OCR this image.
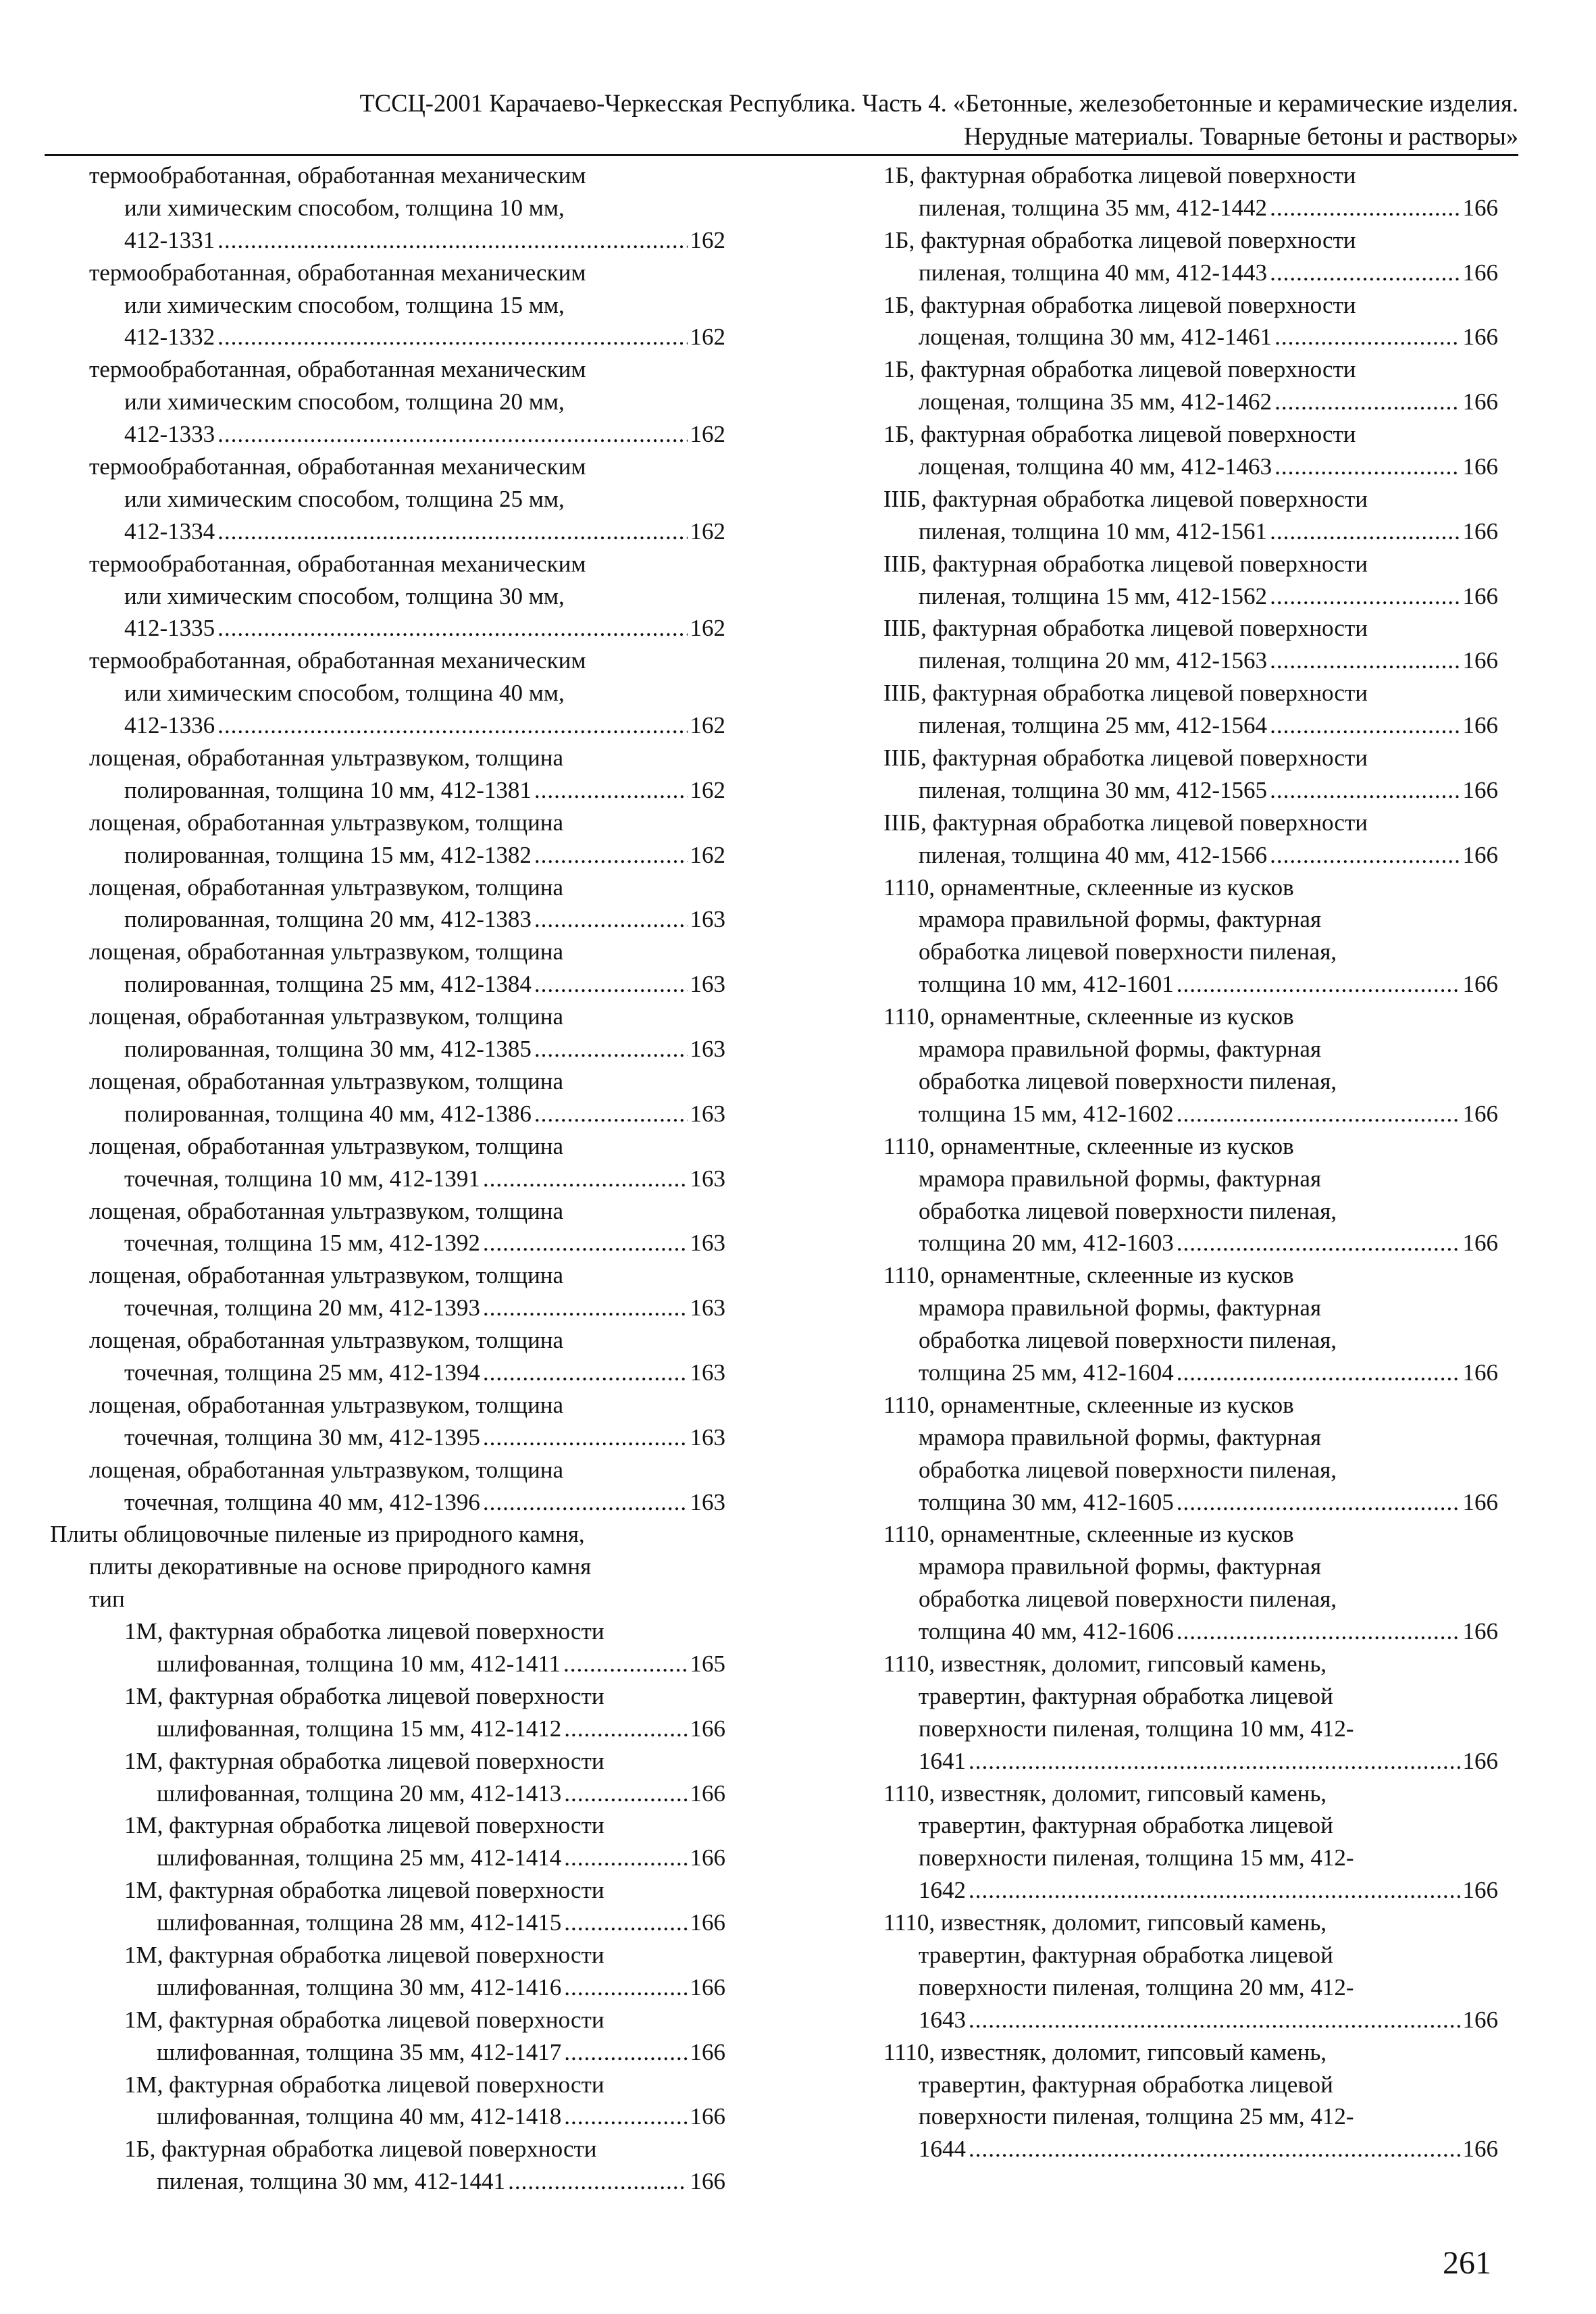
ТССЦ-2001 Карачаево-Черкесская Республика. Часть 4. «Бетонные, железобетонные и керамические изделия.
Нерудные материалы. Товарные бетоны и растворы»
термообработанная, обработанная механическим
или химическим способом, толщина 10 мм,
412-1331 .....	162
термообработанная, обработанная механическим
или химическим способом, толщина 15 мм,
412-1332 .....	162
термообработанная, обработанная механическим
или химическим способом, толщина 20 мм,
412-1333 .....	162
термообработанная, обработанная механическим
или химическим способом, толщина 25 мм,
412-1334 .....	162
термообработанная, обработанная механическим
или химическим способом, толщина 30 мм,
412-1335 .....	162
термообработанная, обработанная механическим
или химическим способом, толщина 40 мм,
412-1336 .....	162
лощеная, обработанная ультразвуком, толщина
полированная, толщина 10 мм, 412-1381 .....	162
лощеная, обработанная ультразвуком, толщина
полированная, толщина 15 мм, 412-1382 .....	162
лощеная, обработанная ультразвуком, толщина
полированная, толщина 20 мм, 412-1383 .....	163
лощеная, обработанная ультразвуком, толщина
полированная, толщина 25 мм, 412-1384 .....	163
лощеная, обработанная ультразвуком, толщина
полированная, толщина 30 мм, 412-1385 .....	163
лощеная, обработанная ультразвуком, толщина
полированная, толщина 40 мм, 412-1386 .....	163
лощеная, обработанная ультразвуком, толщина
точечная, толщина 10 мм, 412-1391 .....	163
лощеная, обработанная ультразвуком, толщина
точечная, толщина 15 мм, 412-1392 .....	163
лощеная, обработанная ультразвуком, толщина
точечная, толщина 20 мм, 412-1393 .....	163
лощеная, обработанная ультразвуком, толщина
точечная, толщина 25 мм, 412-1394 .....	163
лощеная, обработанная ультразвуком, толщина
точечная, толщина 30 мм, 412-1395 .....	163
лощеная, обработанная ультразвуком, толщина
точечная, толщина 40 мм, 412-1396 .....	163
Плиты облицовочные пиленые из природного камня,
плиты декоративные на основе природного камня
тип
1М, фактурная обработка лицевой поверхности
шлифованная, толщина 10 мм, 412-1411 .....	165
1М, фактурная обработка лицевой поверхности
шлифованная, толщина 15 мм, 412-1412 .....	166
1М, фактурная обработка лицевой поверхности
шлифованная, толщина 20 мм, 412-1413 .....	166
1М, фактурная обработка лицевой поверхности
шлифованная, толщина 25 мм, 412-1414 .....	166
1М, фактурная обработка лицевой поверхности
шлифованная, толщина 28 мм, 412-1415 .....	166
1М, фактурная обработка лицевой поверхности
шлифованная, толщина 30 мм, 412-1416 .....	166
1М, фактурная обработка лицевой поверхности
шлифованная, толщина 35 мм, 412-1417 .....	166
1М, фактурная обработка лицевой поверхности
шлифованная, толщина 40 мм, 412-1418 .....	166
1Б, фактурная обработка лицевой поверхности
пиленая, толщина 30 мм, 412-1441 .....	166
1Б, фактурная обработка лицевой поверхности
пиленая, толщина 35 мм, 412-1442 .....	166
1Б, фактурная обработка лицевой поверхности
пиленая, толщина 40 мм, 412-1443 .....	166
1Б, фактурная обработка лицевой поверхности
лощеная, толщина 30 мм, 412-1461 .....	166
1Б, фактурная обработка лицевой поверхности
лощеная, толщина 35 мм, 412-1462 .....	166
1Б, фактурная обработка лицевой поверхности
лощеная, толщина 40 мм, 412-1463 .....	166
IIIБ, фактурная обработка лицевой поверхности
пиленая, толщина 10 мм, 412-1561 .....	166
IIIБ, фактурная обработка лицевой поверхности
пиленая, толщина 15 мм, 412-1562 .....	166
IIIБ, фактурная обработка лицевой поверхности
пиленая, толщина 20 мм, 412-1563 .....	166
IIIБ, фактурная обработка лицевой поверхности
пиленая, толщина 25 мм, 412-1564 .....	166
IIIБ, фактурная обработка лицевой поверхности
пиленая, толщина 30 мм, 412-1565 .....	166
IIIБ, фактурная обработка лицевой поверхности
пиленая, толщина 40 мм, 412-1566 .....	166
1110, орнаментные, склеенные из кусков
мрамора правильной формы, фактурная
обработка лицевой поверхности пиленая,
толщина 10 мм, 412-1601 .....	166
1110, орнаментные, склеенные из кусков
мрамора правильной формы, фактурная
обработка лицевой поверхности пиленая,
толщина 15 мм, 412-1602 .....	166
1110, орнаментные, склеенные из кусков
мрамора правильной формы, фактурная
обработка лицевой поверхности пиленая,
толщина 20 мм, 412-1603 .....	166
1110, орнаментные, склеенные из кусков
мрамора правильной формы, фактурная
обработка лицевой поверхности пиленая,
толщина 25 мм, 412-1604 .....	166
1110, орнаментные, склеенные из кусков
мрамора правильной формы, фактурная
обработка лицевой поверхности пиленая,
толщина 30 мм, 412-1605 .....	166
1110, орнаментные, склеенные из кусков
мрамора правильной формы, фактурная
обработка лицевой поверхности пиленая,
толщина 40 мм, 412-1606 .....	166
1110, известняк, доломит, гипсовый камень,
травертин, фактурная обработка лицевой
поверхности пиленая, толщина 10 мм, 412-
1641 .....	166
1110, известняк, доломит, гипсовый камень,
травертин, фактурная обработка лицевой
поверхности пиленая, толщина 15 мм, 412-
1642 .....	166
1110, известняк, доломит, гипсовый камень,
травертин, фактурная обработка лицевой
поверхности пиленая, толщина 20 мм, 412-
1643 .....	166
1110, известняк, доломит, гипсовый камень,
травертин, фактурная обработка лицевой
поверхности пиленая, толщина 25 мм, 412-
1644 .....	166
261
